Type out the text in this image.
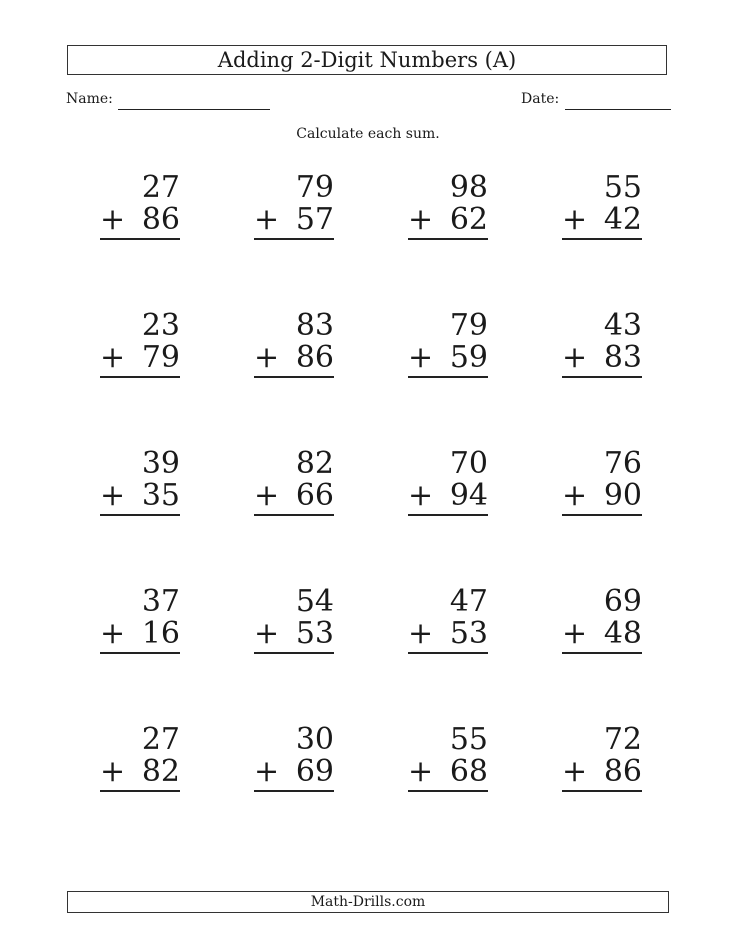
Adding 2-Digit Numbers (A)
Name:	Date:
Calculate each sum.
27
+ 86
79
+ 57
98
+ 62
55
+ 42
23
+ 79
83
+ 86
79
+ 59
43
+ 83
39
+ 35
82
+ 66
70
+ 94
76
+ 90
37
+ 16
54
+ 53
47
+ 53
69
+ 48
27
+ 82
30
+ 69
55
+ 68
72
+ 86
Math-Drills.com
